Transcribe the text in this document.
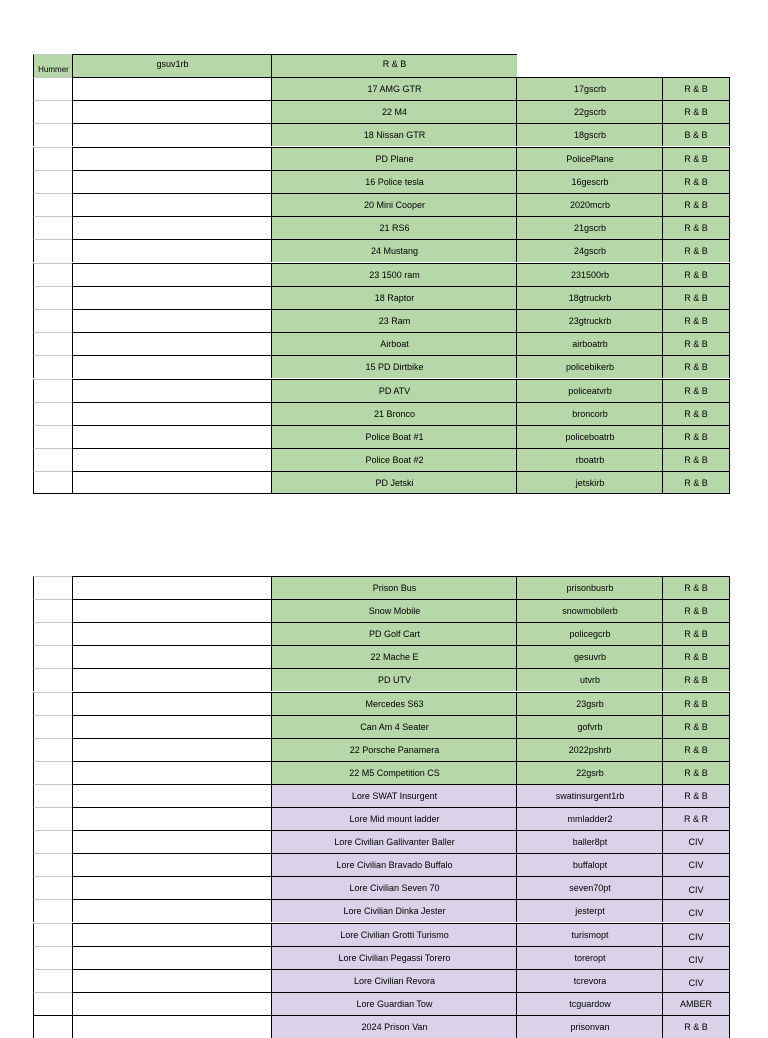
Hummer	gsuv1rb	R & B
17 AMG GTR	17gscrb	R & B
22 M4	22gscrb	R & B
18 Nissan GTR	18gscrb	B & B
PD Plane	PolicePlane	R & B
16 Police tesla	16gescrb	R & B
20 Mini Cooper	2020mcrb	R & B
21 RS6	21gscrb	R & B
24 Mustang	24gscrb	R & B
23 1500 ram	231500rb	R & B
18 Raptor	18gtruckrb	R & B
23 Ram	23gtruckrb	R & B
Airboat	airboatrb	R & B
15 PD Dirtbike	policebikerb	R & B
PD ATV	policeatvrb	R & B
21 Bronco	broncorb	R & B
Police Boat #1	policeboatrb	R & B
Police Boat #2	rboatrb	R & B
PD Jetski	jetskirb	R & B
Prison Bus	prisonbusrb	R & B
Snow Mobile	snowmobilerb	R & B
PD Golf Cart	policegcrb	R & B
22 Mache E	gesuvrb	R & B
PD UTV	utvrb	R & B
Mercedes S63	23gsrb	R & B
Can Am 4 Seater	gofvrb	R & B
22 Porsche Panamera	2022pshrb	R & B
22 M5 Competition CS	22gsrb	R & B
Lore SWAT Insurgent	swatinsurgent1rb	R & B
Lore Mid mount ladder	mmladder2	R & R
Lore Civilian Gallivanter Baller	baller8pt	CIV
Lore Civilian Bravado Buffalo	buffalopt	CIV
Lore Civilian Seven 70	seven70pt	CIV
Lore Civilian Dinka Jester	jesterpt	CIV
Lore Civilian Grotti Turismo	turismopt	CIV
Lore Civilian Pegassi Torero	toreropt	CIV
Lore Civilian Revora	tcrevora	CIV
Lore Guardian Tow	tcguardow	AMBER
2024 Prison Van	prisonvan	R & B
